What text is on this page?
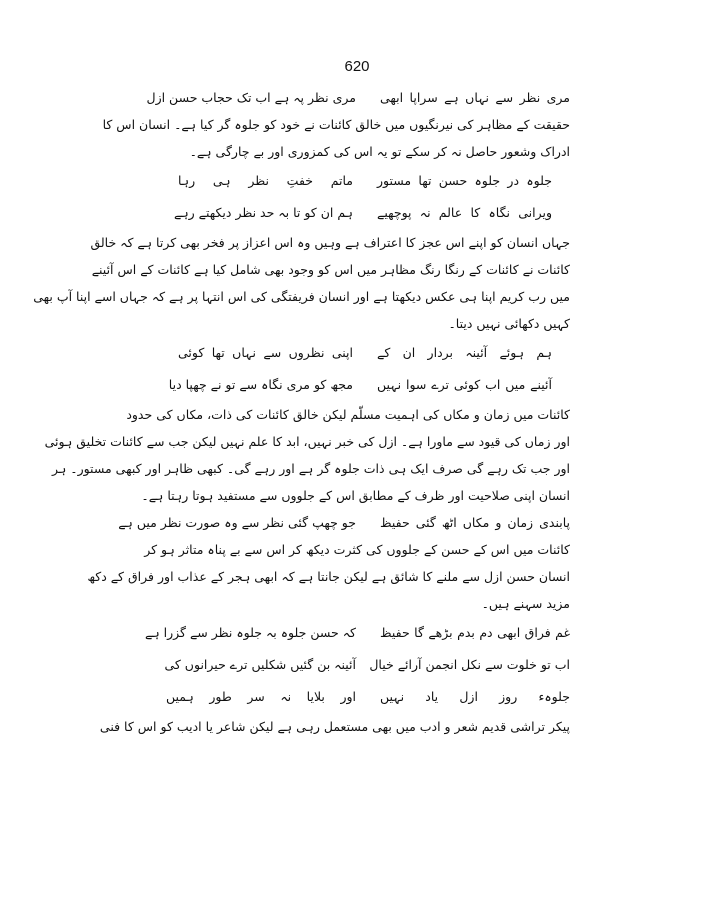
620
مری نظر سے نہاں ہے سراپا ابھی
مری نظر پہ ہے اب تک حجاب حسن ازل
حقیقت کے مظاہر کی نیرنگیوں میں خالق کائنات نے خود کو جلوہ گر کیا ہے۔ انسان اس کا
ادراک وشعور حاصل نہ کر سکے تو یہ اس کی کمزوری اور بے چارگی ہے۔
جلوہ در جلوہ حسن تھا مستور
ماتم خفتِ نظر ہی رہا
ویرانی نگاہ کا عالم نہ پوچھیے
ہم ان کو تا بہ حد نظر دیکھتے رہے
جہاں انسان کو اپنے اس عجز کا اعتراف ہے وہیں وہ اس اعزاز پر فخر بھی کرتا ہے کہ خالق
کائنات نے کائنات کے رنگا رنگ مظاہر میں اس کو وجود بھی شامل کیا ہے کائنات کے اس آئینے
میں رب کریم اپنا ہی عکس دیکھتا ہے اور انسان فریفتگی کی اس انتہا پر ہے کہ جہاں اسے اپنا آپ بھی
کہیں دکھائی نہیں دیتا۔
ہم ہوئے آئینہ بردار ان کے
اپنی نظروں سے نہاں تھا کوئی
آئینے میں اب کوئی ترے سوا نہیں
مجھ کو مری نگاہ سے تو نے چھپا دیا
کائنات میں زمان و مکاں کی اہمیت مسلّم لیکن خالق کائنات کی ذات، مکاں کی حدود
اور زماں کی قیود سے ماورا ہے۔ ازل کی خبر نہیں، ابد کا علم نہیں لیکن جب سے کائنات تخلیق ہوئی
اور جب تک رہے گی صرف ایک ہی ذات جلوہ گر ہے اور رہے گی۔ کبھی ظاہر اور کبھی مستور۔ ہر
انسان اپنی صلاحیت اور ظرف کے مطابق اس کے جلووں سے مستفید ہوتا رہتا ہے۔
پابندی زمان و مکاں اٹھ گئی حفیظ
جو چھپ گئی نظر سے وہ صورت نظر میں ہے
کائنات میں اس کے حسن کے جلووں کی کثرت دیکھ کر اس سے بے پناہ متاثر ہو کر
انسان حسن ازل سے ملنے کا شائق ہے لیکن جانتا ہے کہ ابھی ہجر کے عذاب اور فراق کے دکھ
مزید سہنے ہیں۔
غم فراق ابھی دم بدم بڑھے گا حفیظ
کہ حسن جلوہ بہ جلوہ نظر سے گزرا ہے
اب تو خلوت سے نکل انجمن آرائے خیال
آئینہ بن گئیں شکلیں ترے حیرانوں کی
جلوہء روز ازل یاد نہیں
اور بلایا نہ سر طور ہمیں
پیکر تراشی قدیم شعر و ادب میں بھی مستعمل رہی ہے لیکن شاعر یا ادیب کو اس کا فنی
